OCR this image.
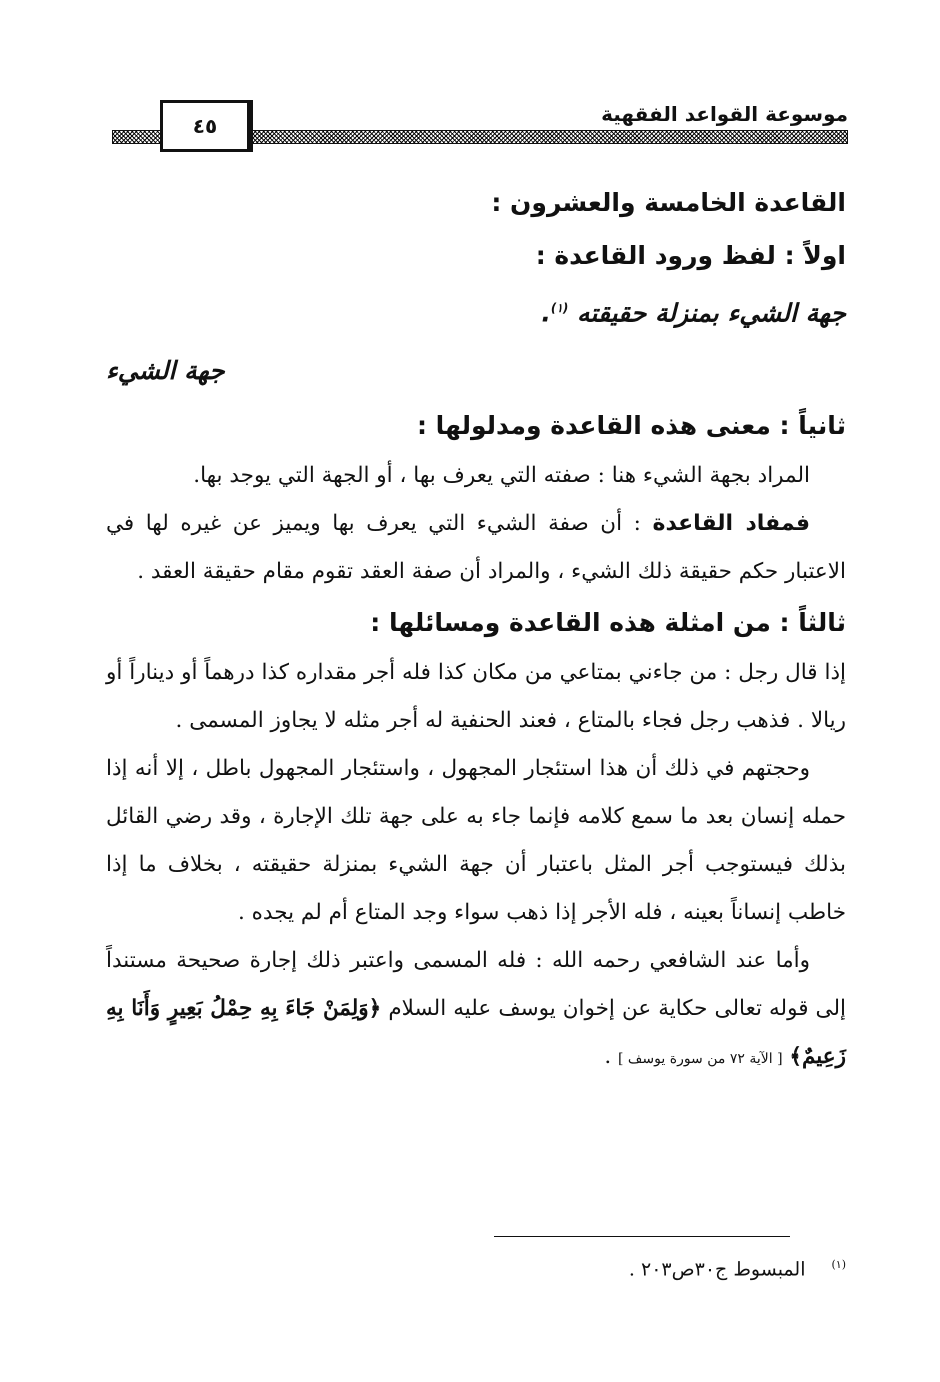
٤٥	موسوعة القواعد الفقهية

القاعدة الخامسة والعشرون :

اولاً : لفظ ورود القاعدة :

جهة الشيء بمنزلة حقيقته $^{(١)}$.

جهة الشيء

ثانياً : معنى هذه القاعدة ومدلولها :

المراد بجهة الشيء هنا : صفته التي يعرف بها ، أو الجهة التي يوجد بها.

فمفاد القاعدة : أن صفة الشيء التي يعرف بها ويميز عن غيره لها في الاعتبار حكم حقيقة ذلك الشيء ، والمراد أن صفة العقد تقوم مقام حقيقة العقد .

ثالثاً : من امثلة هذه القاعدة ومسائلها :

إذا قال رجل : من جاءني بمتاعي من مكان كذا فله أجر مقداره كذا درهماً أو ديناراً أو ريالا . فذهب رجل فجاء بالمتاع ، فعند الحنفية له أجر مثله لا يجاوز المسمى .

وحجتهم في ذلك أن هذا استئجار المجهول ، واستئجار المجهول باطل ، إلا أنه إذا حمله إنسان بعد ما سمع كلامه فإنما جاء به على جهة تلك الإجارة ، وقد رضي القائل بذلك فيستوجب أجر المثل باعتبار أن جهة الشيء بمنزلة حقيقته ، بخلاف ما إذا خاطب إنساناً بعينه ، فله الأجر إذا ذهب سواء وجد المتاع أم لم يجده .

وأما عند الشافعي رحمه الله : فله المسمى واعتبر ذلك إجارة صحيحة مستنداً إلى قوله تعالى حكاية عن إخوان يوسف عليه السلام ﴿وَلِمَنْ جَاءَ بِهِ حِمْلُ بَعِيرٍ وَأَنَا بِهِ زَعِيمٌ﴾ [ الآية ٧٢ من سورة يوسف ] .

$^{(١)}$المبسوط ج٣٠ص٢٠٣ .
